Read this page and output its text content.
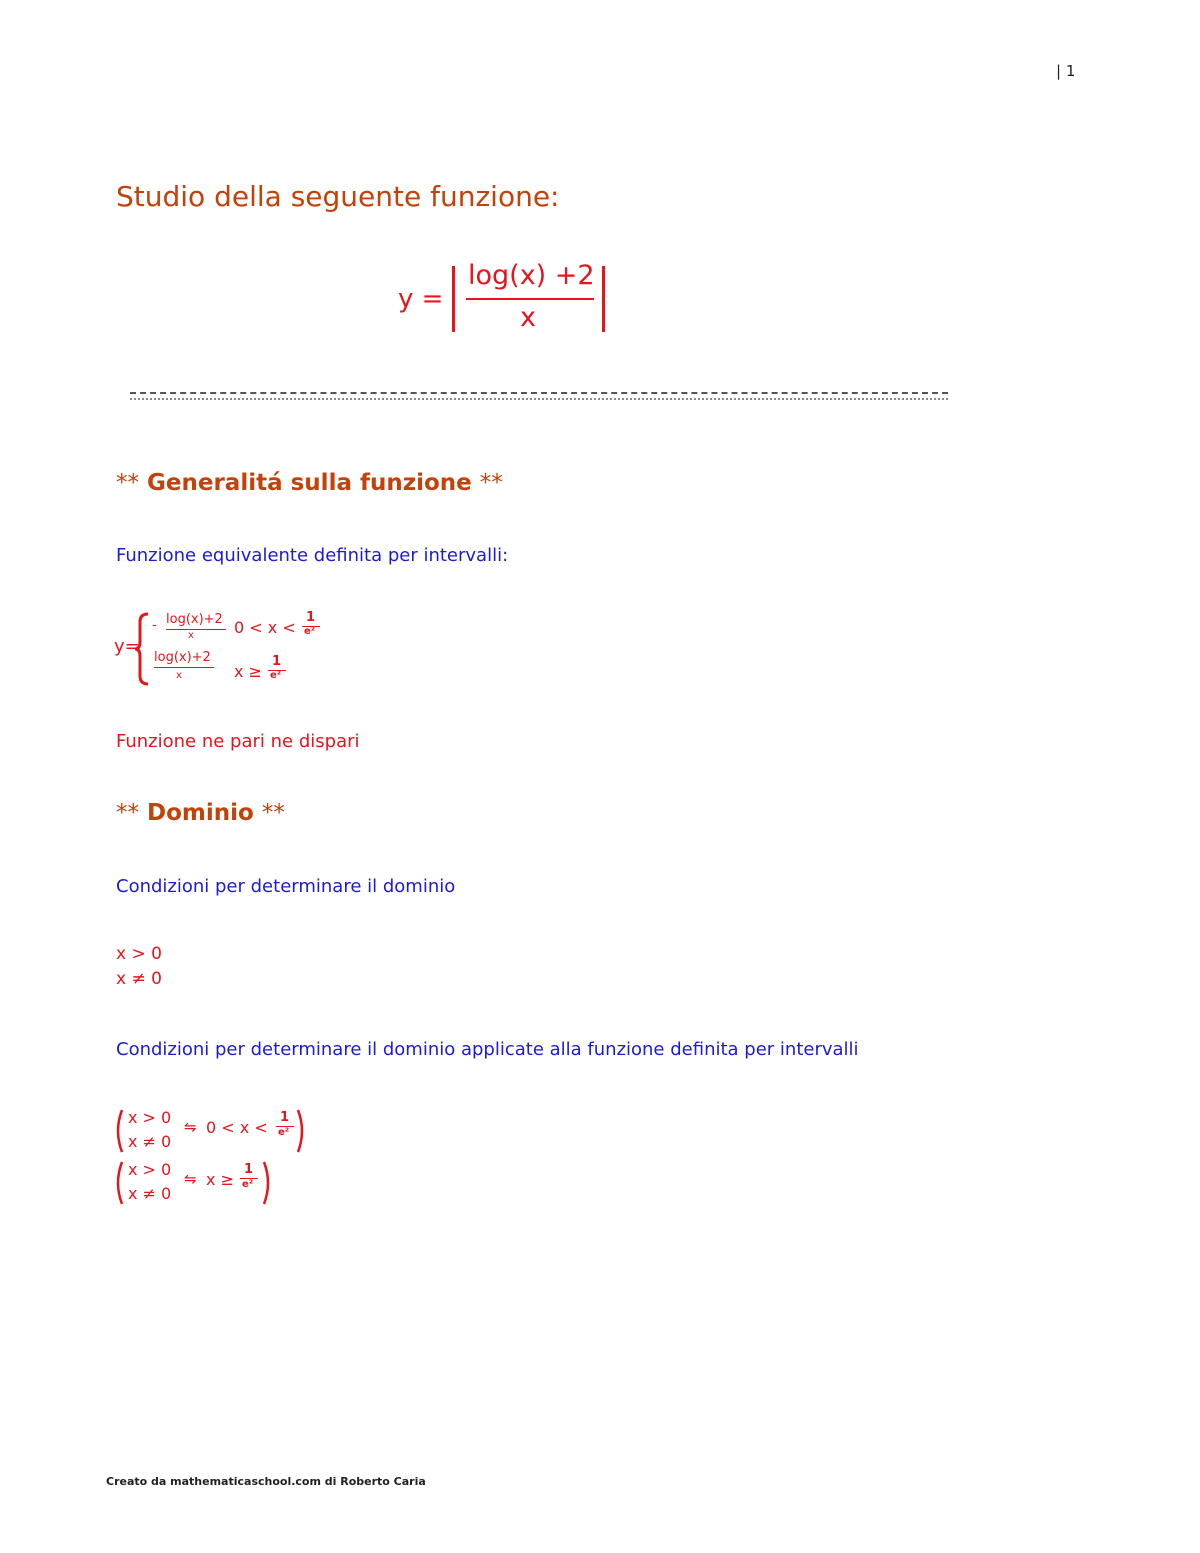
| 1
Studio della seguente funzione:
y =
log(x) +2
x
** Generalitá sulla funzione **
Funzione equivalente definita per intervalli:
y=
- log(x)+2
x	0 < x <
1
e²
log(x)+2
x	x ≥
1
e²
Funzione ne pari ne dispari
** Dominio **
Condizioni per determinare il dominio
x > 0
x ≠ 0
Condizioni per determinare il dominio applicate alla funzione definita per intervalli
x > 0
x ≠ 0
⇋ 0 < x <
1
e²
x > 0
x ≠ 0
⇋ x ≥
1
e²
Creato da mathematicaschool.com di Roberto Caria
